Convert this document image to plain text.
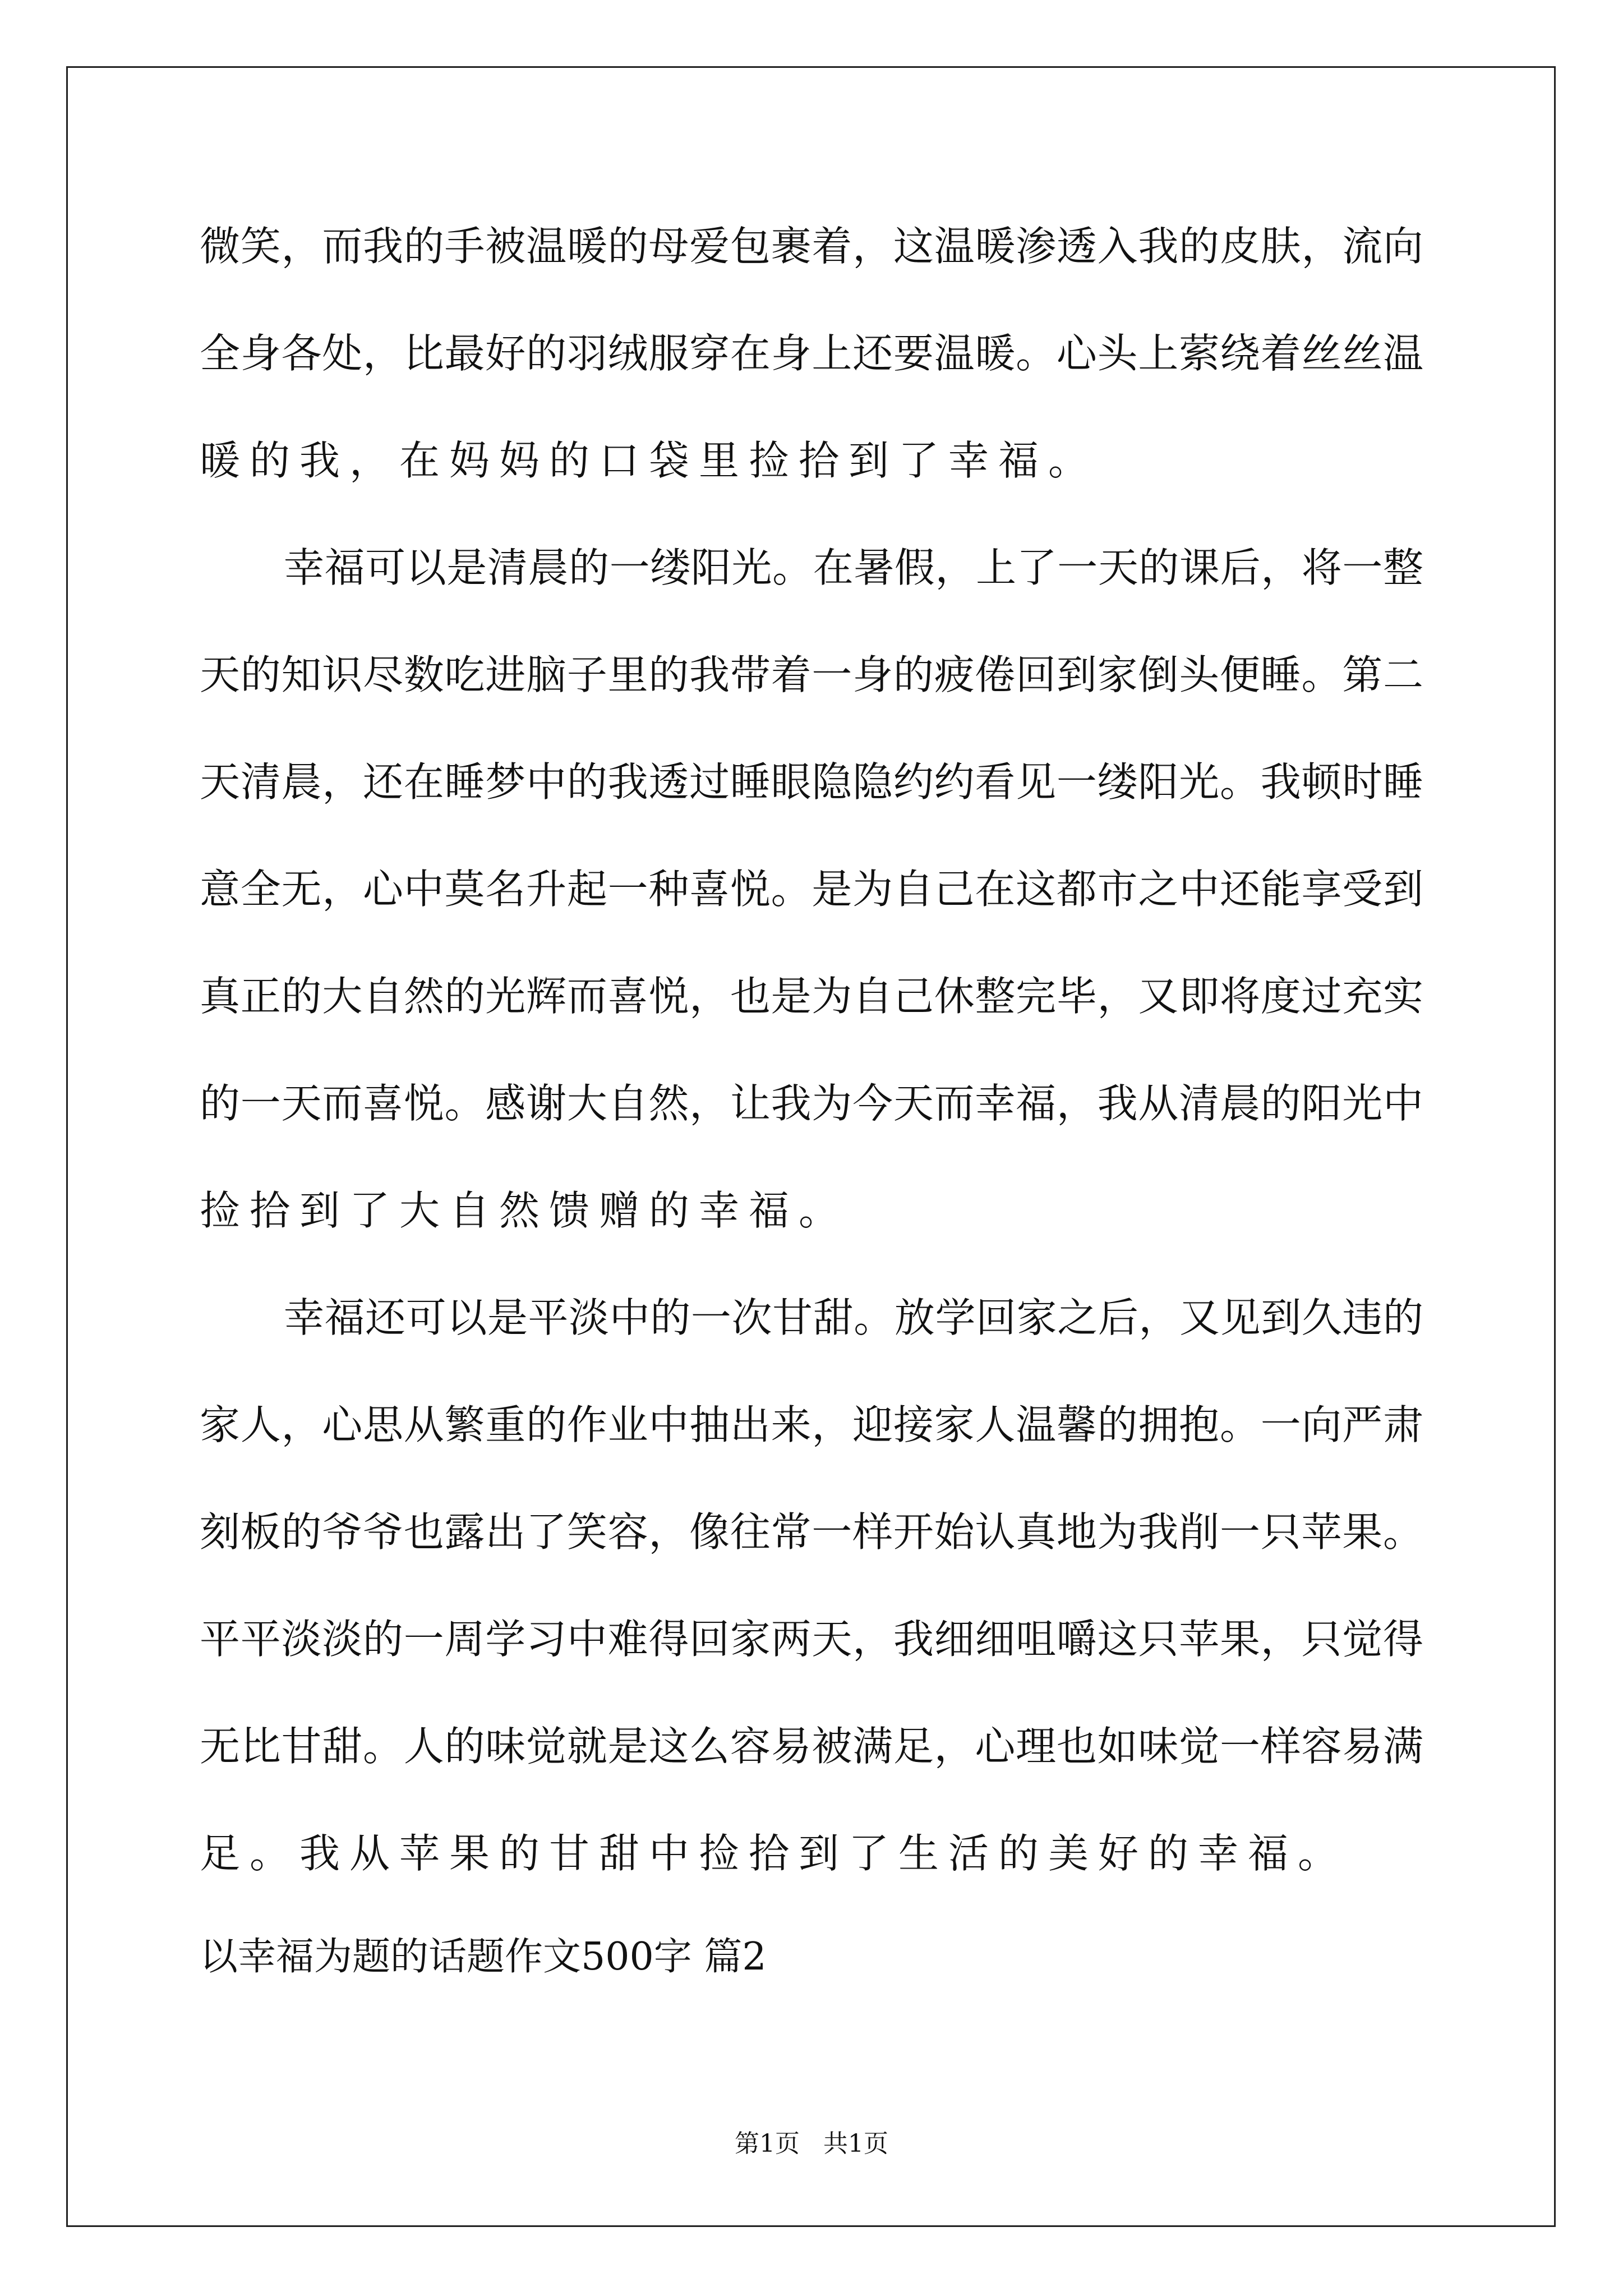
微笑，而我的手被温暖的母爱包裹着，这温暖渗透入我的皮肤，流向
全身各处，比最好的羽绒服穿在身上还要温暖。心头上萦绕着丝丝温
暖的我，在妈妈的口袋里捡拾到了幸福。
幸福可以是清晨的一缕阳光。在暑假，上了一天的课后，将一整
天的知识尽数吃进脑子里的我带着一身的疲倦回到家倒头便睡。第二
天清晨，还在睡梦中的我透过睡眼隐隐约约看见一缕阳光。我顿时睡
意全无，心中莫名升起一种喜悦。是为自己在这都市之中还能享受到
真正的大自然的光辉而喜悦，也是为自己休整完毕，又即将度过充实
的一天而喜悦。感谢大自然，让我为今天而幸福，我从清晨的阳光中
捡拾到了大自然馈赠的幸福。
幸福还可以是平淡中的一次甘甜。放学回家之后，又见到久违的
家人，心思从繁重的作业中抽出来，迎接家人温馨的拥抱。一向严肃
刻板的爷爷也露出了笑容，像往常一样开始认真地为我削一只苹果。
平平淡淡的一周学习中难得回家两天，我细细咀嚼这只苹果，只觉得
无比甘甜。人的味觉就是这么容易被满足，心理也如味觉一样容易满
足。我从苹果的甘甜中捡拾到了生活的美好的幸福。
以幸福为题的话题作文500字 篇2
第1页   共1页
